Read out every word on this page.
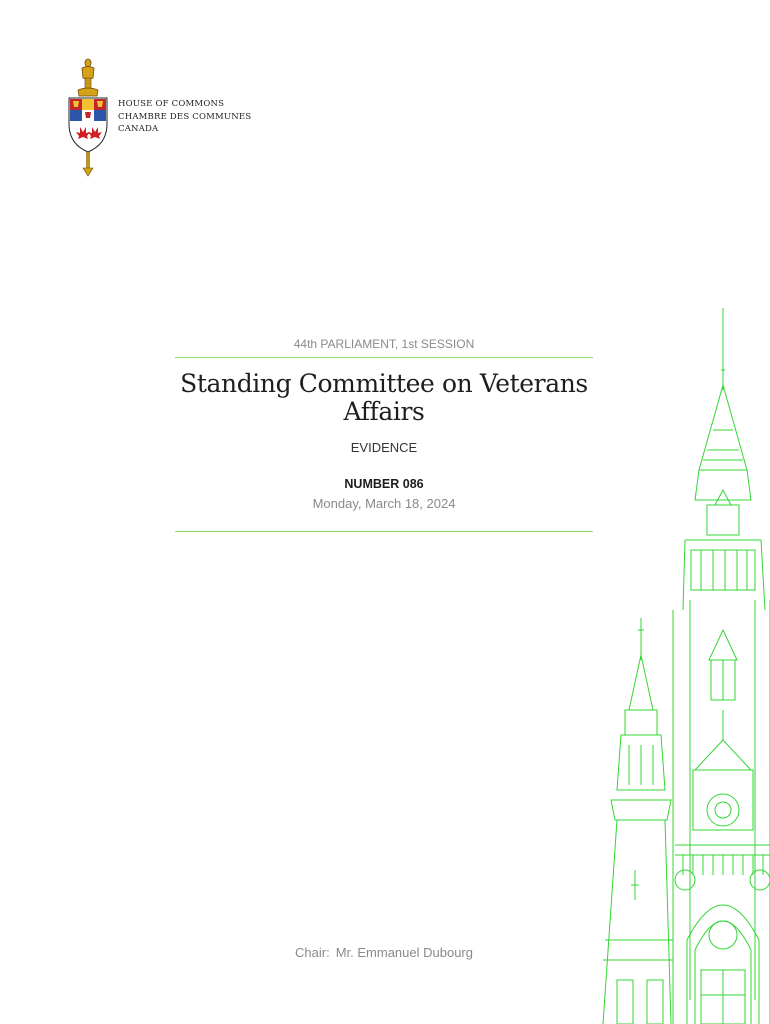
HOUSE OF COMMONS
CHAMBRE DES COMMUNES
CANADA
44th PARLIAMENT, 1st SESSION
Standing Committee on Veterans Affairs
EVIDENCE
NUMBER 086
Monday, March 18, 2024
Chair: Mr. Emmanuel Dubourg
